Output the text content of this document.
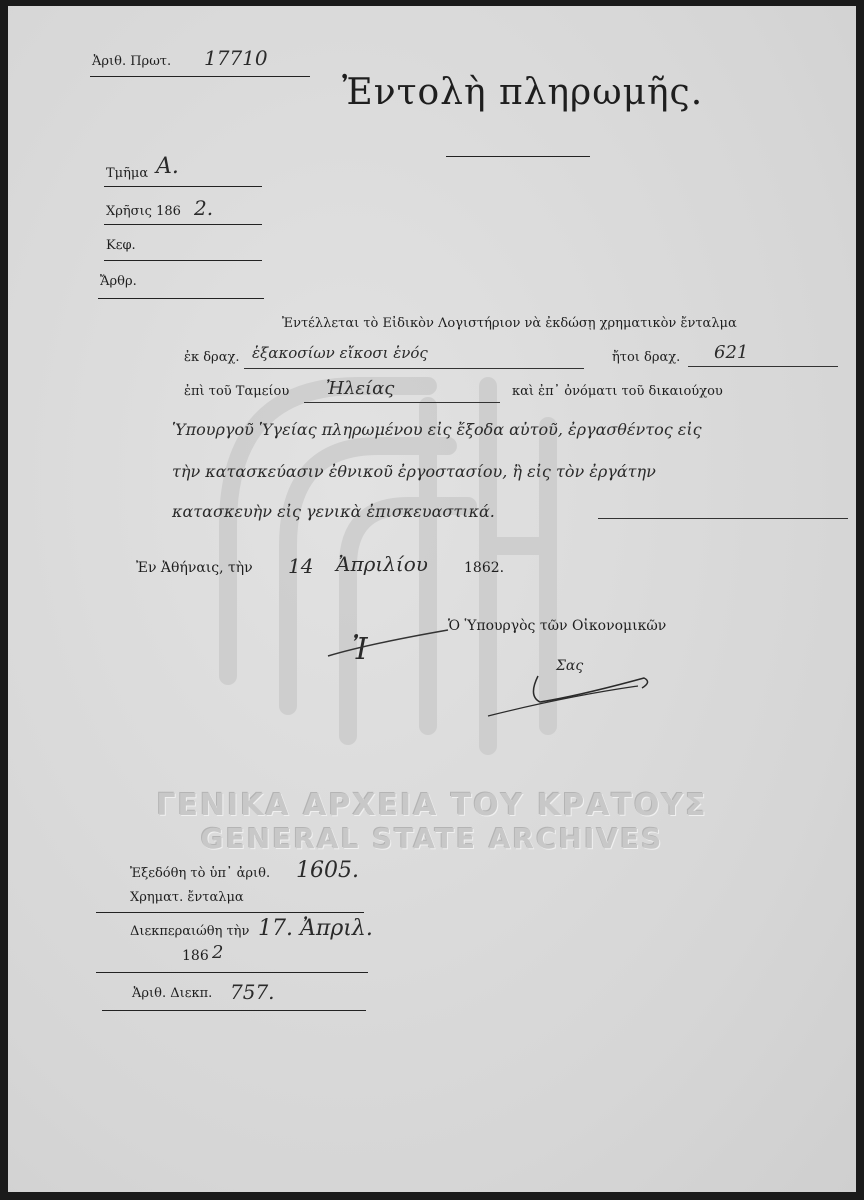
Ἀριθ. Πρωτ. 17710
Ἐντολὴ πληρωμῆς.
Τμῆμα Α.
Χρῆσις 186 2.
Κεφ.
Ἄρθρ.
Ἐντέλλεται τὸ Εἰδικὸν Λογιστήριον νὰ ἐκδώσῃ χρηματικὸν ἔνταλμα
ἐκ δραχ. ἑξακοσίων εἴκοσι ἑνός	ἤτοι δραχ. 621
ἐπὶ τοῦ Ταμείου Ἠλείας	καὶ ἐπ᾽ ὀνόματι τοῦ δικαιούχου
Ὑπουργοῦ Ὑγείας πληρωμένου εἰς ἔξοδα αὐτοῦ, ἐργασθέντος εἰς
τὴν κατασκεύασιν ἐθνικοῦ ἐργοστασίου, ἢ εἰς τὸν ἐργάτην
κατασκευὴν εἰς γενικὰ ἐπισκευαστικά.
Ἐν Ἀθήναις, τὴν 14 Ἀπριλίου	1862.
Ὁ Ὑπουργὸς τῶν Οἰκονομικῶν
Ἰ	Σας
ΓΕΝΙΚΑ ΑΡΧΕΙΑ ΤΟΥ ΚΡΑΤΟΥΣ
GENERAL STATE ARCHIVES
Ἐξεδόθη τὸ ὑπ᾽ ἀριθ. 1605.
Χρηματ. ἔνταλμα
Διεκπεραιώθη τὴν 17. Ἀπριλ.
186 2
Ἀριθ. Διεκπ. 757.
